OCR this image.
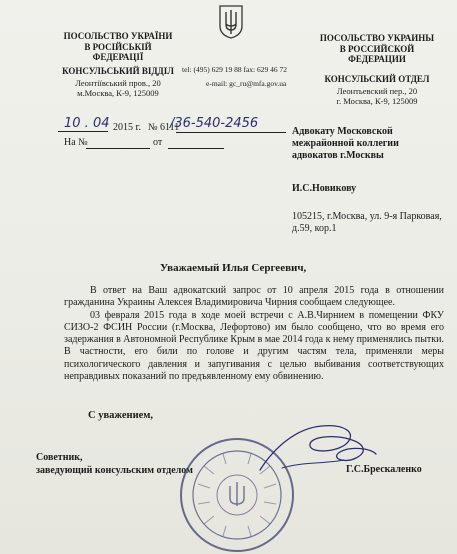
ПОСОЛЬСТВО УКРАЇНИ
В РОСІЙСЬКІЙ
ФЕДЕРАЦІЇ
КОНСУЛЬСЬКИЙ ВІДДІЛ
Леонтіївський пров., 20
м.Москва, К-9, 125009
tel: (495) 629 19 88 fax: 629 46 72
e-mail: gc_ru@mfa.gov.ua
ПОСОЛЬСТВО УКРАИНЫ
В РОССИЙСКОЙ
ФЕДЕРАЦИИ
КОНСУЛЬСКИЙ ОТДЕЛ
Леонтьевский пер., 20
г. Москва, К-9, 125009
10 . 04 2015 г. № 6111
/36-540-2456
На №	от
Адвокату Московской
межрайонной коллегии
адвокатов г.Москвы
И.С.Новикову
105215, г.Москва, ул. 9-я Парковая,
д.59, кор.1
Уважаемый Илья Сергеевич,

В ответ на Ваш адвокатский запрос от 10 апреля 2015 года в отношении гражданина Украины Алексея Владимировича Чирния сообщаем следующее.

03 февраля 2015 года в ходе моей встречи с А.В.Чирнием в помещении ФКУ СИЗО-2 ФСИН России (г.Москва, Лефортово) им было сообщено, что во время его задержания в Автономной Республике Крым в мае 2014 года к нему применялись пытки. В частности, его били по голове и другим частям тела, применяли меры психологического давления и запугивания с целью выбивания соответствующих неправдивых показаний по предъявленному ему обвинению.

С уважением,
Советник,
заведующий консульским отделом	Г.С.Брескаленко
